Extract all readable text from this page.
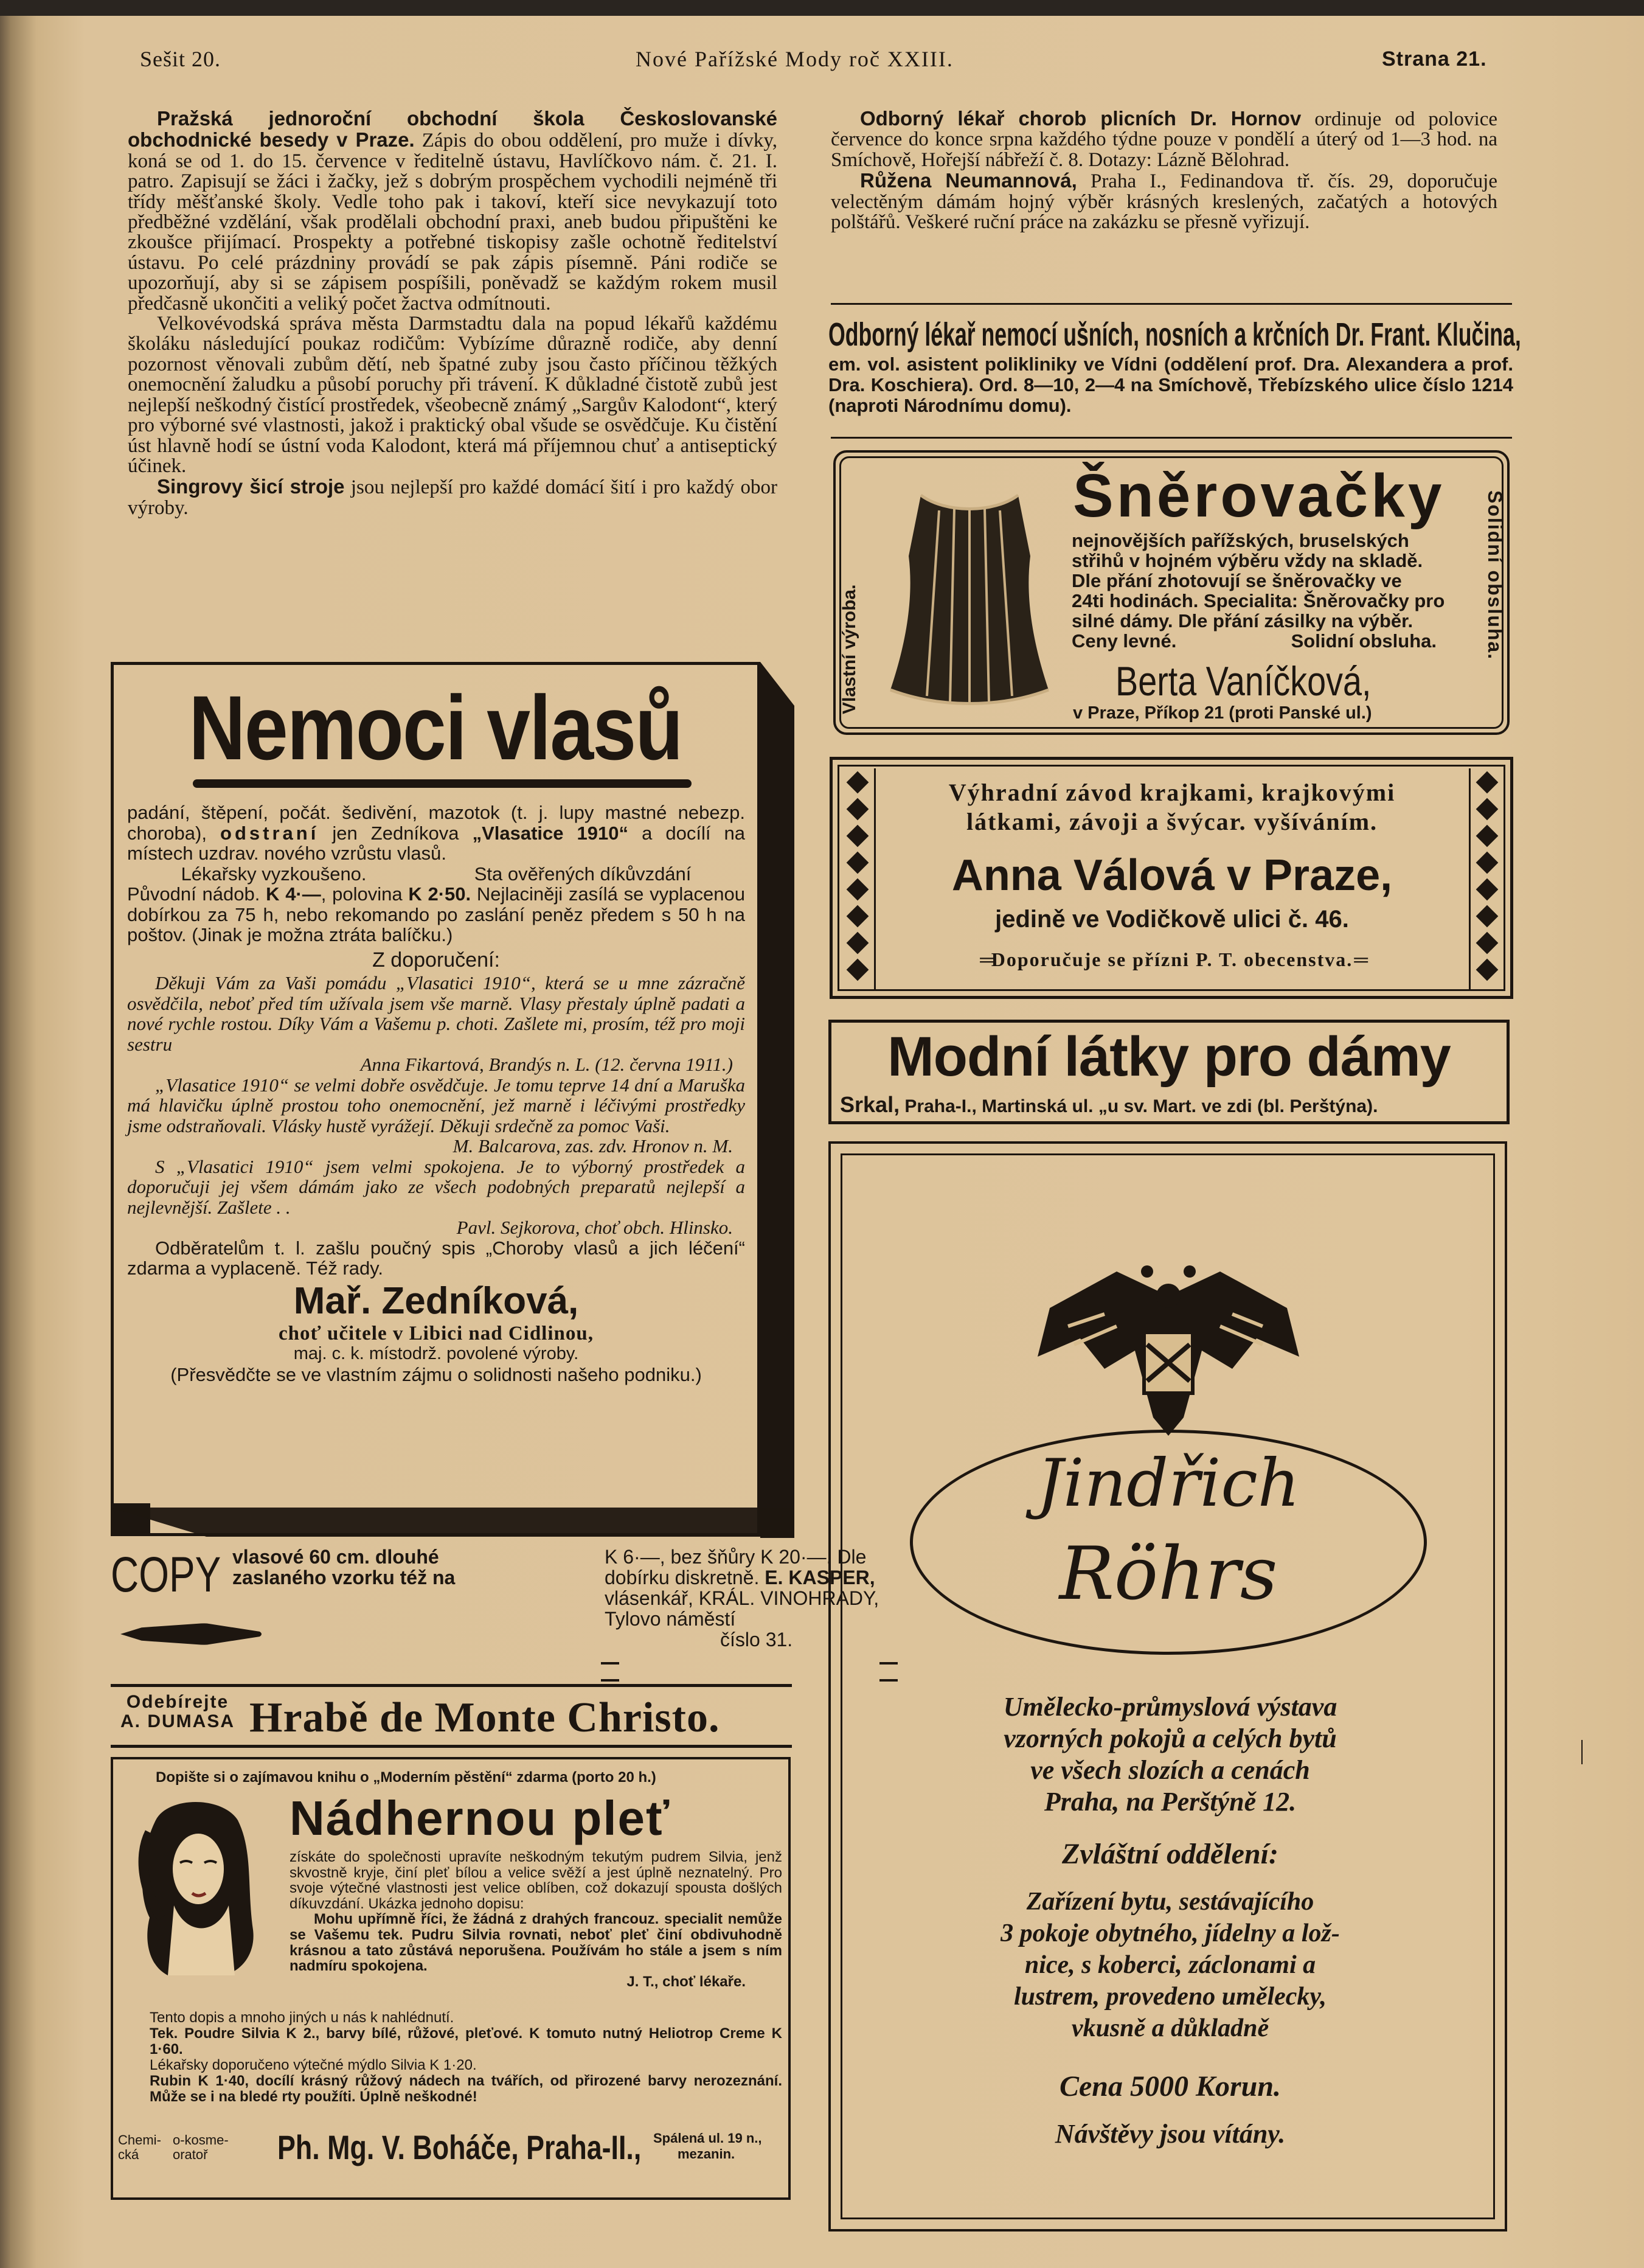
Sešit 20.	Nové Pařížské Mody roč XXIII.	Strana 21.

Pražská jednoroční obchodní škola Českoslovanské obchodnické besedy v Praze. Zápis do obou oddělení, pro muže i dívky, koná se od 1. do 15. července v ředitelně ústavu, Havlíčkovo nám. č. 21. I. patro. Zapisují se žáci i žačky, jež s dobrým prospěchem vychodili nejméně tři třídy měšťanské školy. Vedle toho pak i takoví, kteří sice nevykazují toto předběžné vzdělání, však prodělali obchodní praxi, aneb budou připuštěni ke zkoušce přijímací. Prospekty a potřebné tiskopisy zašle ochotně ředitelství ústavu. Po celé prázdniny provádí se pak zápis písemně. Páni rodiče se upozorňují, aby si se zápisem pospíšili, poněvadž se každým rokem musil předčasně ukončiti a veliký počet žactva odmítnouti.

Velkovévodská správa města Darmstadtu dala na popud lékařů každému školáku následující poukaz rodičům: Vybízíme důrazně rodiče, aby denní pozornost věnovali zubům dětí, neb špatné zuby jsou často příčinou těžkých onemocnění žaludku a působí poruchy při trávení. K důkladné čistotě zubů jest nejlepší neškodný čistící prostředek, všeobecně známý „Sargův Kalodont“, který pro výborné své vlastnosti, jakož i praktický obal všude se osvědčuje. Ku čistění úst hlavně hodí se ústní voda Kalodont, která má příjemnou chuť a antiseptický účinek.

Singrovy šicí stroje jsou nejlepší pro každé domácí šití i pro každý obor výroby.

Nemoci vlasů
padání, štěpení, počát. šedivění, mazotok (t. j. lupy mastné nebezp. choroba), odstraní jen Zedníkova „Vlasatice 1910“ a docílí na místech uzdrav. nového vzrůstu vlasů.
Lékařsky vyzkoušeno.	Sta ověřených díkůvzdání
Původní nádob. K 4·—, polovina K 2·50. Nejlaciněji zasílá se vyplacenou dobírkou za 75 h, nebo rekomando po zaslání peněz předem s 50 h na poštov. (Jinak je možna ztráta balíčku.)
Z doporučení:
Děkuji Vám za Vaši pomádu „Vlasatici 1910“, která se u mne zázračně osvědčila, neboť před tím užívala jsem vše marně. Vlasy přestaly úplně padati a nové rychle rostou. Díky Vám a Vašemu p. choti. Zašlete mi, prosím, též pro moji sestru
Anna Fikartová, Brandýs n. L. (12. června 1911.)
„Vlasatice 1910“ se velmi dobře osvědčuje. Je tomu teprve 14 dní a Maruška má hlavičku úplně prostou toho onemocnění, jež marně i léčivými prostředky jsme odstraňovali. Vlásky hustě vyrážejí. Děkuji srdečně za pomoc Vaši.
M. Balcarova, zas. zdv. Hronov n. M.
S „Vlasatici 1910“ jsem velmi spokojena. Je to výborný prostředek a doporučuji jej všem dámám jako ze všech podobných preparatů nejlepší a nejlevnější. Zašlete . .
Pavl. Sejkorova, choť obch. Hlinsko.
Odběratelům t. l. zašlu poučný spis „Choroby vlasů a jich léčení“ zdarma a vyplaceně. Též rady.
Mař. Zedníková,
choť učitele v Libici nad Cidlinou,
maj. c. k. místodrž. povolené výroby.
(Přesvědčte se ve vlastním zájmu o solidnosti našeho podniku.)
COPY vlasové 60 cm. dlouhé
zaslaného vzorku též na
K 6·—, bez šňůry K 20·—. Dle
dobírku diskretně. E. KASPER,
vlásenkář, KRÁL. VINOHRADY, Tylovo náměstí
číslo 31.
Odebírejte
A. DUMASA Hrabě de Monte Christo.
Dopište si o zajímavou knihu o „Moderním pěstění“ zdarma (porto 20 h.)
Nádhernou pleť
získáte do společnosti upravíte neškodným tekutým pudrem Silvia, jenž skvostně kryje, činí pleť bílou a velice svěží a jest úplně neznatelný. Pro svoje výtečné vlastnosti jest velice oblíben, což dokazují spousta došlých díkuvzdání. Ukázka jednoho dopisu:
Mohu upřímně říci, že žádná z drahých francouz. specialit nemůže se Vašemu tek. Pudru Silvia rovnati, neboť pleť činí obdivuhodně krásnou a tato zůstává neporušena. Používám ho stále a jsem s ním nadmíru spokojena.
J. T., choť lékaře.
Tento dopis a mnoho jiných u nás k nahlédnutí.
Tek. Poudre Silvia K 2., barvy bílé, růžové, pleťové. K tomuto nutný Heliotrop Creme K 1·60.
Lékařsky doporučeno výtečné mýdlo Silvia K 1·20.
Rubin K 1·40, docílí krásný růžový nádech na tvářích, od přirozené barvy nerozeznání. Může se i na bledé rty použíti. Úplně neškodné!
Chemi-
cká
o-kosme-
oratoř	Ph. Mg. V. Boháče, Praha-II., Spálená ul. 19 n.,
mezanin.

Odborný lékař chorob plicních Dr. Hornov ordinuje od polovice července do konce srpna každého týdne pouze v pondělí a úterý od 1—3 hod. na Smíchově, Hořejší nábřeží č. 8. Dotazy: Lázně Bělohrad.

Růžena Neumannová, Praha I., Fedinandova tř. čís. 29, doporučuje velectěným dámám hojný výběr krásných kreslených, začatých a hotových polštářů. Veškeré ruční práce na zakázku se přesně vyřizují.

Odborný lékař nemocí ušních, nosních a krčních Dr. Frant. Klučina,
em. vol. asistent polikliniky ve Vídni (oddělení prof. Dra. Alexandera a prof. Dra. Koschiera). Ord. 8—10, 2—4 na Smíchově, Třebízského ulice číslo 1214 (naproti Národnímu domu).
Vlastní výroba.	Solidní obsluha.
Šněrovačky
nejnovějších pařížských, bruselských
střihů v hojném výběru vždy na skladě.
Dle přání zhotovují se šněrovačky ve
24ti hodinách. Specialita: Šněrovačky pro
silné dámy. Dle přání zásilky na výběr.
Ceny levné.	Solidní obsluha.
Berta Vaníčková,
v Praze, Příkop 21 (proti Panské ul.)
Výhradní závod krajkami, krajkovými
látkami, závoji a švýcar. vyšíváním.
Anna Válová v Praze,
jedině ve Vodičkově ulici č. 46.
═ Doporučuje se přízni P. T. obecenstva. ═
Modní látky pro dámy
Srkal, Praha-I., Martinská ul. „u sv. Mart. ve zdi (bl. Perštýna).
Jindřich
Röhrs
Umělecko-průmyslová výstava
vzorných pokojů a celých bytů
ve všech slozích a cenách
Praha, na Perštýně 12.
Zvláštní oddělení:
Zařízení bytu, sestávajícího
3 pokoje obytného, jídelny a lož-
nice, s koberci, záclonami a
lustrem, provedeno umělecky,
vkusně a důkladně
Cena 5000 Korun.
Návštěvy jsou vítány.
